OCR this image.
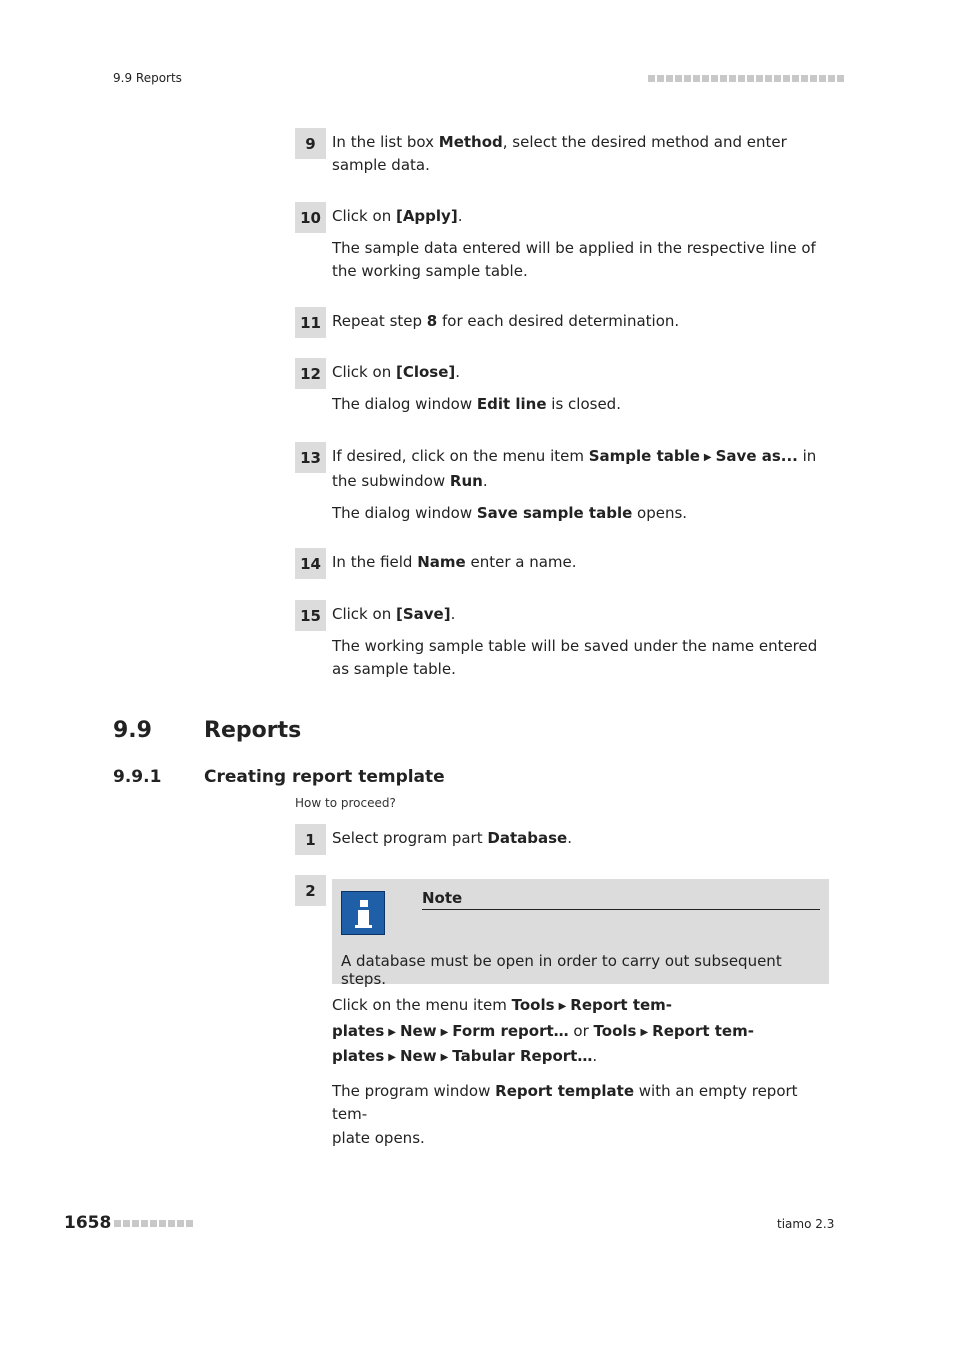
9.9 Reports
9	In the list box Method, select the desired method and enter sample data.

10 Click on [Apply].

The sample data entered will be applied in the respective line of the working sample table.

11 Repeat step 8 for each desired determination.

12 Click on [Close].

The dialog window Edit line is closed.

13 If desired, click on the menu item Sample table ▶ Save as... in the subwindow Run.

The dialog window Save sample table opens.

14 In the field Name enter a name.

15 Click on [Save].

The working sample table will be saved under the name entered as sample table.

9.9 Reports
9.9.1	Creating report template
How to proceed?
1	Select program part Database.

2	Note
A database must be open in order to carry out subsequent steps.

Click on the menu item Tools ▶ Report tem-
plates ▶ New ▶ Form report… or Tools ▶ Report tem-
plates ▶ New ▶ Tabular Report….

The program window Report template with an empty report tem-
plate opens.

1658	tiamo 2.3
